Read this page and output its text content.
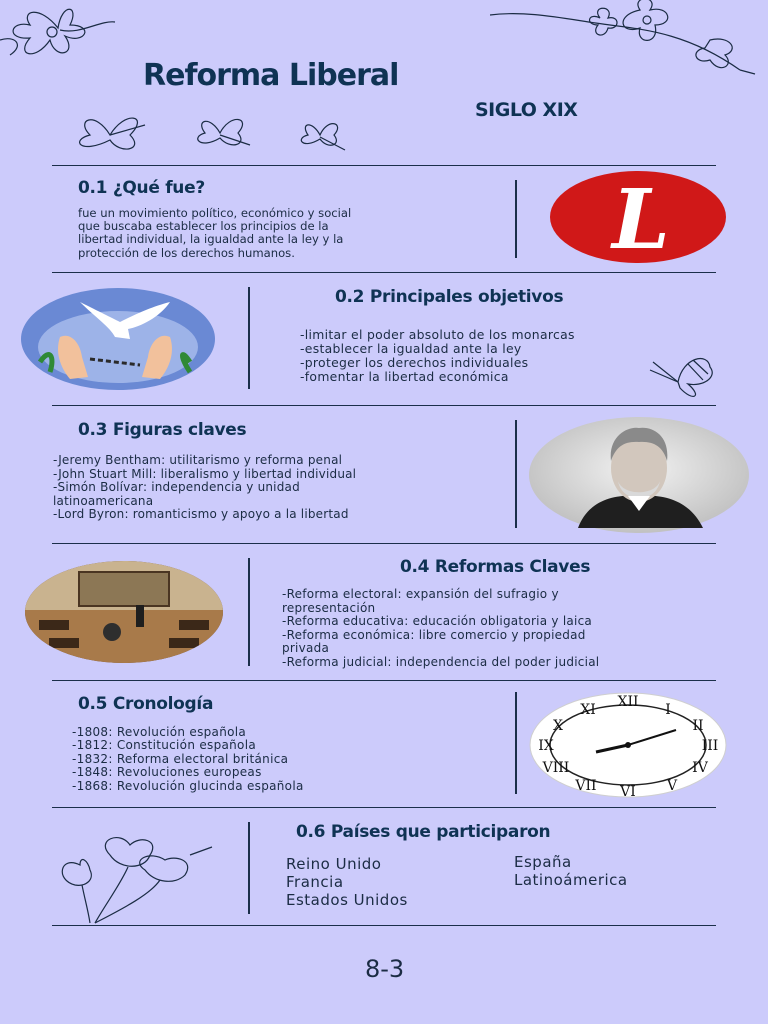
Reforma Liberal
SIGLO XIX
0.1 ¿Qué fue?
fue un movimiento político, económico y social
que buscaba establecer los principios de la
libertad individual, la igualdad ante la ley y la
protección de los derechos humanos.	L
0.2 Principales objetivos
-limitar el poder absoluto de los monarcas
-establecer la igualdad ante la ley
-proteger los derechos individuales
-fomentar la libertad económica
0.3 Figuras claves
-Jeremy Bentham: utilitarismo y reforma penal
-John Stuart Mill: liberalismo y libertad individual
-Simón Bolívar: independencia y unidad
latinoamericana
-Lord Byron: romanticismo y apoyo a la libertad
0.4 Reformas Claves
-Reforma electoral: expansión del sufragio y
representación
-Reforma educativa: educación obligatoria y laica
-Reforma económica: libre comercio y propiedad
privada
-Reforma judicial: independencia del poder judicial
0.5 Cronología
-1808: Revolución española
-1812: Constitución española
-1832: Reforma electoral británica
-1848: Revoluciones europeas
-1868: Revolución glucinda española
XII I
II
III
IV
V
VI
VII
VIII
IX
X
XI
0.6 Países que participaron
Reino Unido
Francia
Estados Unidos
España
Latinoámerica
8-3
